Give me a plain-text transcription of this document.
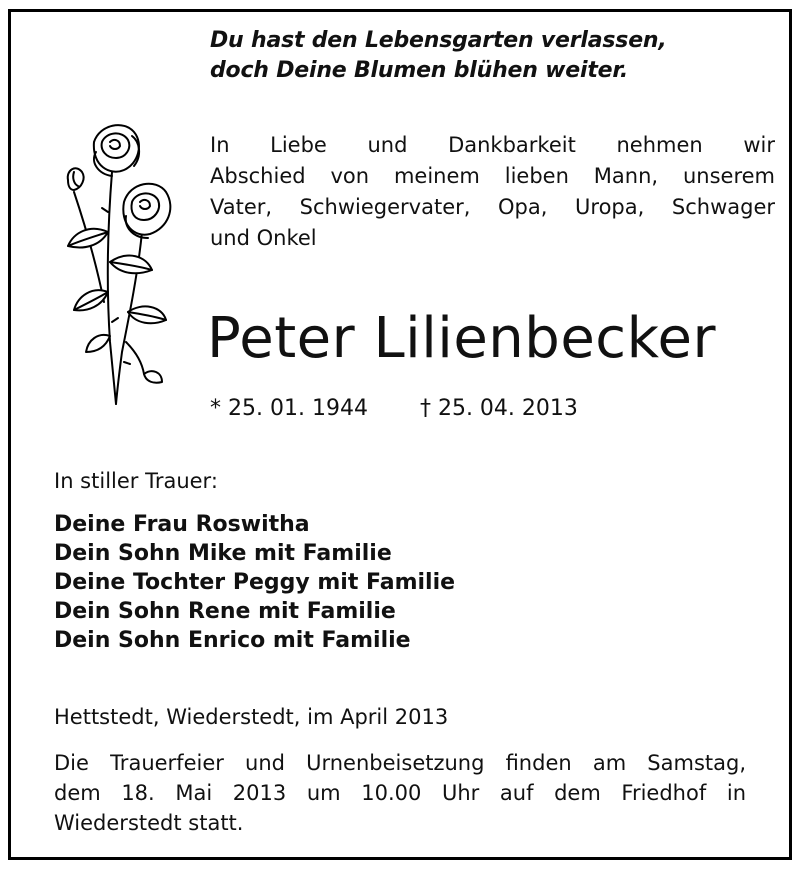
Du hast den Lebensgarten verlassen,
doch Deine Blumen blühen weiter.
In Liebe und Dankbarkeit nehmen wir
Abschied von meinem lieben Mann, unserem
Vater, Schwiegervater, Opa, Uropa, Schwager
und Onkel
Peter Lilienbecker
* 25. 01. 1944 † 25. 04. 2013
In stiller Trauer:
Deine Frau Roswitha
Dein Sohn Mike mit Familie
Deine Tochter Peggy mit Familie
Dein Sohn Rene mit Familie
Dein Sohn Enrico mit Familie
Hettstedt, Wiederstedt, im April 2013
Die Trauerfeier und Urnenbeisetzung finden am Samstag,
dem 18. Mai 2013 um 10.00 Uhr auf dem Friedhof in
Wiederstedt statt.
